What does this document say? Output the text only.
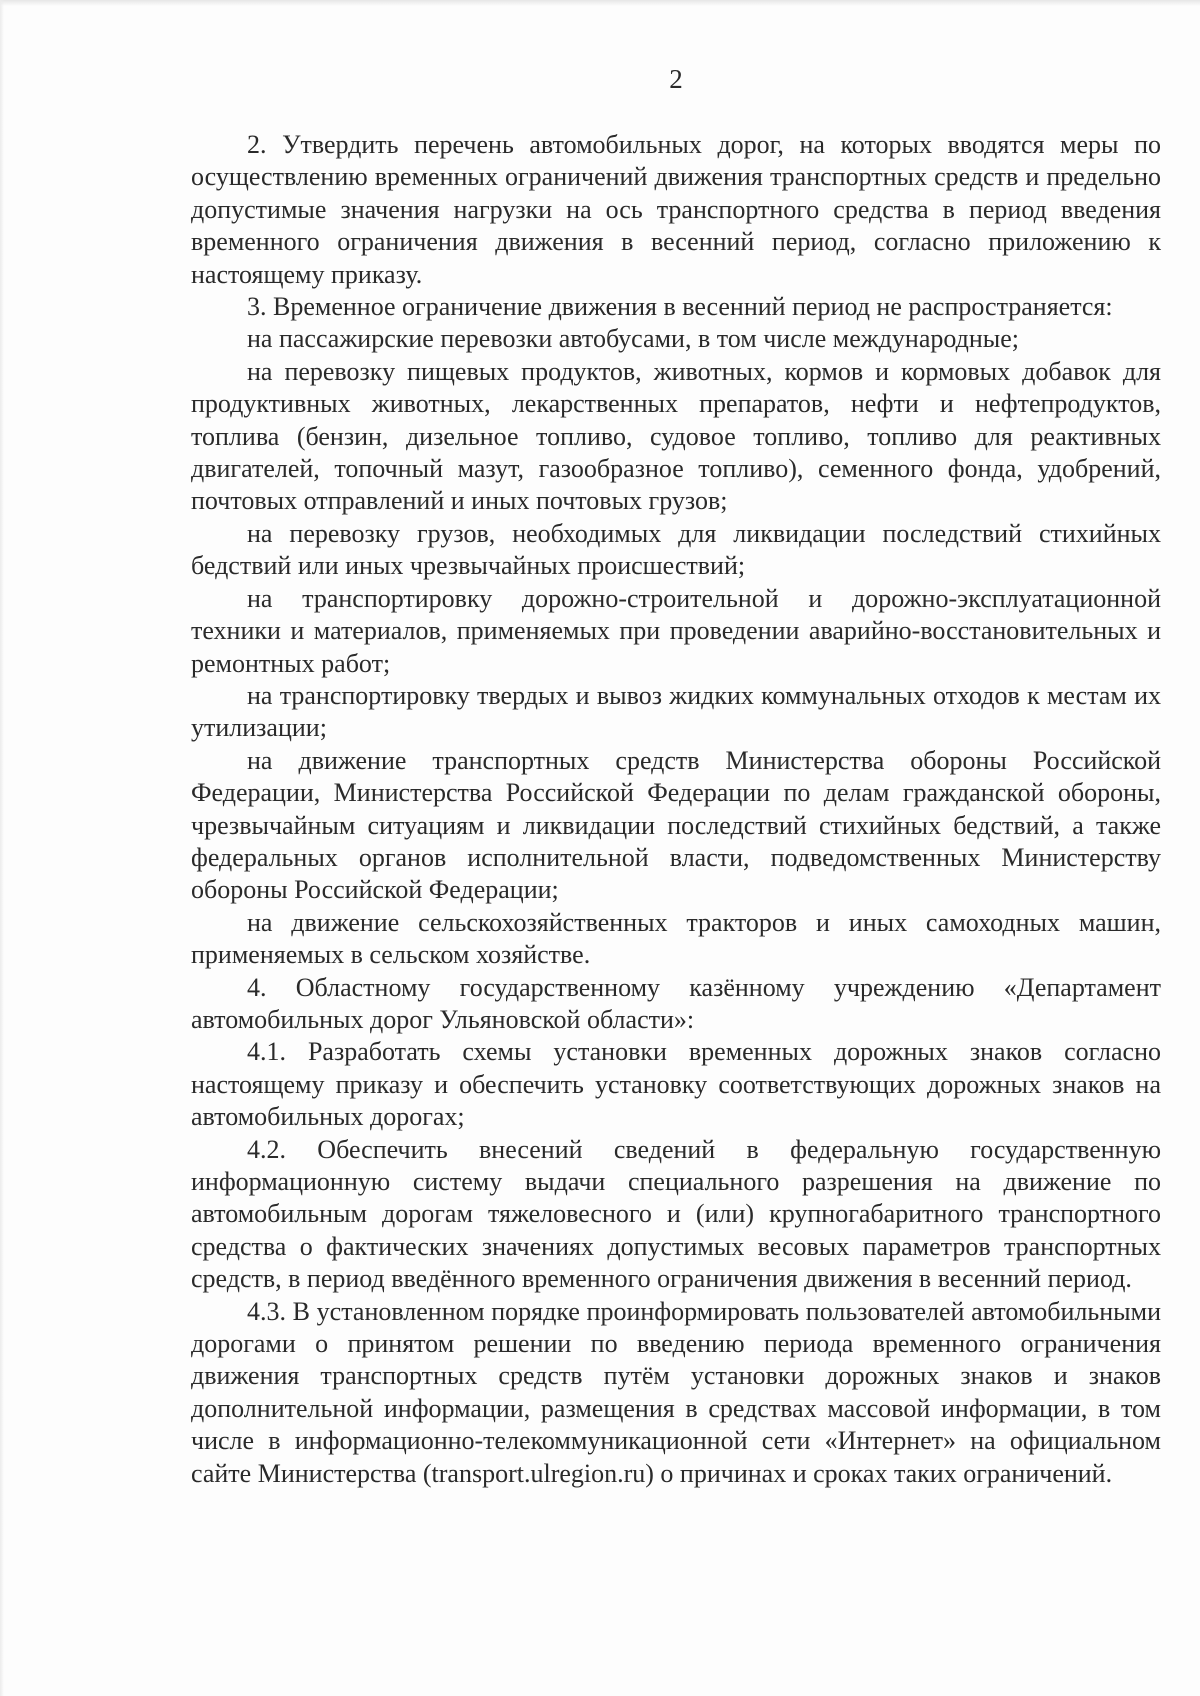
2

2. Утвердить перечень автомобильных дорог, на которых вводятся меры по осуществлению временных ограничений движения транспортных средств и предельно допустимые значения нагрузки на ось транспортного средства в период введения временного ограничения движения в весенний период, согласно приложению к настоящему приказу.

3. Временное ограничение движения в весенний период не распространяется:

на пассажирские перевозки автобусами, в том числе международные;

на перевозку пищевых продуктов, животных, кормов и кормовых добавок для продуктивных животных, лекарственных препаратов, нефти и нефтепродуктов, топлива (бензин, дизельное топливо, судовое топливо, топливо для реактивных двигателей, топочный мазут, газообразное топливо), семенного фонда, удобрений, почтовых отправлений и иных почтовых грузов;

на перевозку грузов, необходимых для ликвидации последствий стихийных бедствий или иных чрезвычайных происшествий;

на транспортировку дорожно-строительной и дорожно-эксплуатационной техники и материалов, применяемых при проведении аварийно-восстановительных и ремонтных работ;

на транспортировку твердых и вывоз жидких коммунальных отходов к местам их утилизации;

на движение транспортных средств Министерства обороны Российской Федерации, Министерства Российской Федерации по делам гражданской обороны, чрезвычайным ситуациям и ликвидации последствий стихийных бедствий, а также федеральных органов исполнительной власти, подведомственных Министерству обороны Российской Федерации;

на движение сельскохозяйственных тракторов и иных самоходных машин, применяемых в сельском хозяйстве.

4. Областному государственному казённому учреждению «Департамент автомобильных дорог Ульяновской области»:

4.1. Разработать схемы установки временных дорожных знаков согласно настоящему приказу и обеспечить установку соответствующих дорожных знаков на автомобильных дорогах;

4.2. Обеспечить внесений сведений в федеральную государственную информационную систему выдачи специального разрешения на движение по автомобильным дорогам тяжеловесного и (или) крупногабаритного транспортного средства о фактических значениях допустимых весовых параметров транспортных средств, в период введённого временного ограничения движения в весенний период.

4.3. В установленном порядке проинформировать пользователей автомобильными дорогами о принятом решении по введению периода временного ограничения движения транспортных средств путём установки дорожных знаков и знаков дополнительной информации, размещения в средствах массовой информации, в том числе в информационно-телекоммуникационной сети «Интернет» на официальном сайте Министерства (transport.ulregion.ru) о причинах и сроках таких ограничений.
